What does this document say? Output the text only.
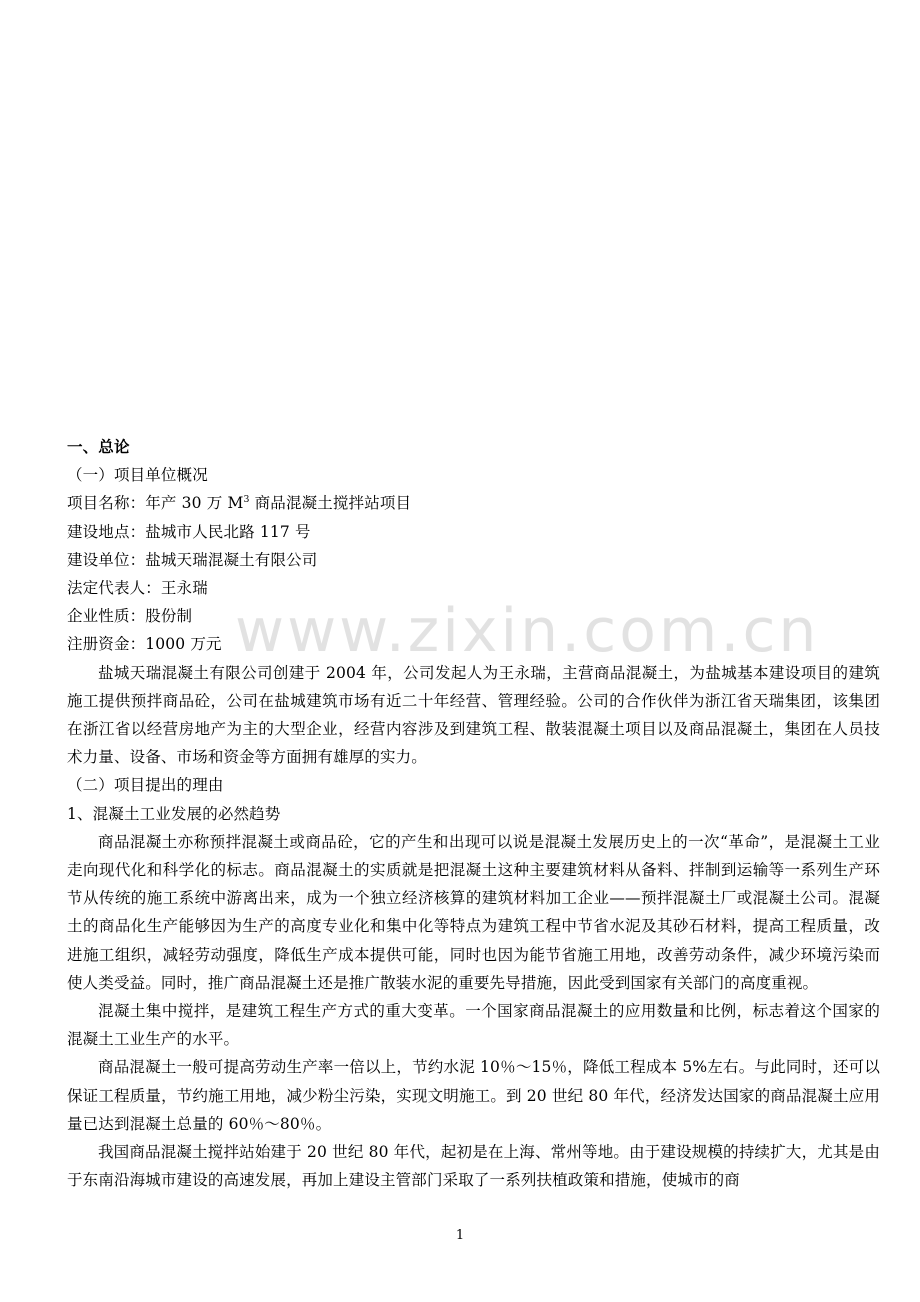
一、总论

（一）项目单位概况

项目名称：年产 30 万 $M^3$ 商品混凝土搅拌站项目

建设地点：盐城市人民北路 117 号

建设单位：盐城天瑞混凝土有限公司

法定代表人：王永瑞

企业性质：股份制

注册资金：1000 万元

盐城天瑞混凝土有限公司创建于 2004 年，公司发起人为王永瑞，主营商品混凝土，为盐城基本建设项目的建筑施工提供预拌商品砼，公司在盐城建筑市场有近二十年经营、管理经验。公司的合作伙伴为浙江省天瑞集团，该集团在浙江省以经营房地产为主的大型企业，经营内容涉及到建筑工程、散装混凝土项目以及商品混凝土，集团在人员技术力量、设备、市场和资金等方面拥有雄厚的实力。

（二）项目提出的理由

1、混凝土工业发展的必然趋势

商品混凝土亦称预拌混凝土或商品砼，它的产生和出现可以说是混凝土发展历史上的一次“革命”，是混凝土工业走向现代化和科学化的标志。商品混凝土的实质就是把混凝土这种主要建筑材料从备料、拌制到运输等一系列生产环节从传统的施工系统中游离出来，成为一个独立经济核算的建筑材料加工企业——预拌混凝土厂或混凝土公司。混凝土的商品化生产能够因为生产的高度专业化和集中化等特点为建筑工程中节省水泥及其砂石材料，提高工程质量，改进施工组织，减轻劳动强度，降低生产成本提供可能，同时也因为能节省施工用地，改善劳动条件，减少环境污染而使人类受益。同时，推广商品混凝土还是推广散装水泥的重要先导措施，因此受到国家有关部门的高度重视。

混凝土集中搅拌，是建筑工程生产方式的重大变革。一个国家商品混凝土的应用数量和比例，标志着这个国家的混凝土工业生产的水平。

商品混凝土一般可提高劳动生产率一倍以上，节约水泥 10％～15％，降低工程成本 5%左右。与此同时，还可以保证工程质量，节约施工用地，减少粉尘污染，实现文明施工。到 20 世纪 80 年代，经济发达国家的商品混凝土应用量已达到混凝土总量的 60％～80％。

我国商品混凝土搅拌站始建于 20 世纪 80 年代，起初是在上海、常州等地。由于建设规模的持续扩大，尤其是由于东南沿海城市建设的高速发展，再加上建设主管部门采取了一系列扶植政策和措施，使城市的商

www.zixin.com.cn
1
